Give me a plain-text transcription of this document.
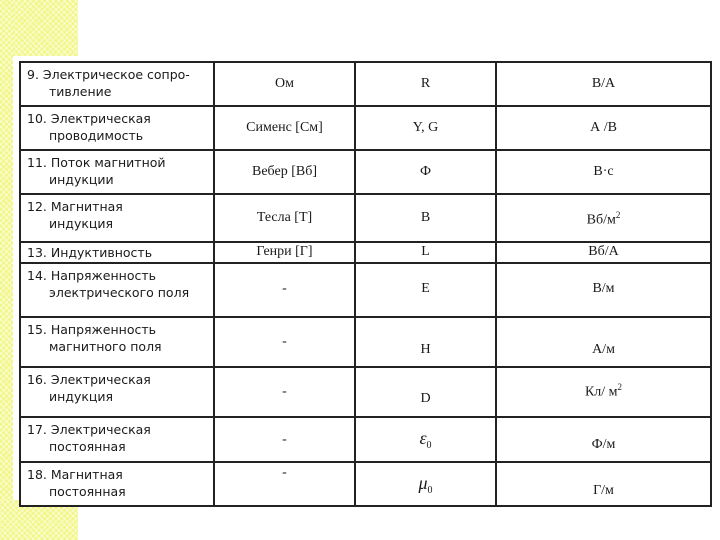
9. Электрическое сопро-
тивление	Ом	R	В/А

10. Электрическая
проводимость	Сименс [См]	Y, G	А /В

11. Поток магнитной
индукции	Вебер [Вб]	Ф	В·с

12. Магнитная
индукция	Тесла [Т]	В	$Вб/м^2$

13. Индуктивность	Генри [Г]	L	Вб/А

14. Напряженность
электрического поля	-	Е	В/м

15. Напряженность
магнитного поля	-	Н	А/м

16. Электрическая
индукция	-	D	Кл/ $м^2$

17. Электрическая
постоянная	-	$\varepsilon_0$	Ф/м

18. Магнитная
постоянная	-	$\mu_0$	Г/м
